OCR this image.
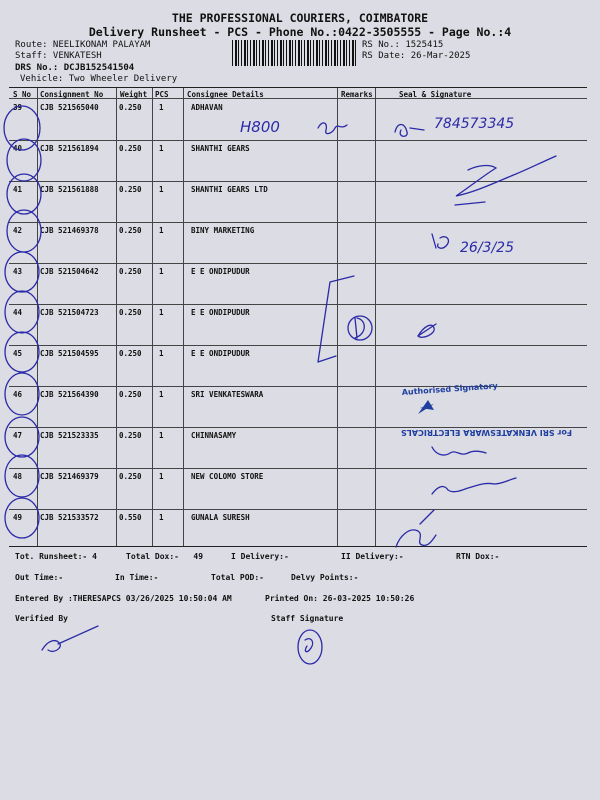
THE PROFESSIONAL COURIERS, COIMBATORE
Delivery Runsheet - PCS - Phone No.:0422-3505555 - Page No.:4
Route: NEELIKONAM PALAYAM
Staff: VENKATESH
DRS No.: DCJB152541504
Vehicle: Two Wheeler Delivery
RS No.: 1525415
RS Date: 26-Mar-2025
S No Consignment No Weight PCS Consignee Details	Remarks	Seal & Signature
39 CJB 521565040	0.250 1	ADHAVAN
40 CJB 521561894	0.250 1	SHANTHI GEARS
41 CJB 521561888	0.250 1	SHANTHI GEARS LTD
42 CJB 521469378	0.250 1	BINY MARKETING
43 CJB 521504642	0.250 1	E E ONDIPUDUR
44 CJB 521504723	0.250 1	E E ONDIPUDUR
45 CJB 521504595	0.250 1	E E ONDIPUDUR
46 CJB 521564390	0.250 1	SRI VENKATESWARA
47 CJB 521523335	0.250 1	CHINNASAMY
48 CJB 521469379	0.250 1	NEW COLOMO STORE
49 CJB 521533572	0.550 1	GUNALA SURESH
Tot. Runsheet:- 4	Total Dox:-   49	I Delivery:-	II Delivery:-	RTN Dox:-
Out Time:-	In Time:-	Total POD:-	Delvy Points:-
Entered By :THERESAPCS 03/26/2025 10:50:04 AM	Printed On: 26-03-2025 10:50:26
Verified By	Staff Signature
H800	784573345
26/3/25
Authorised Signatory
For SRI VENKATESWARA ELECTRICALS
